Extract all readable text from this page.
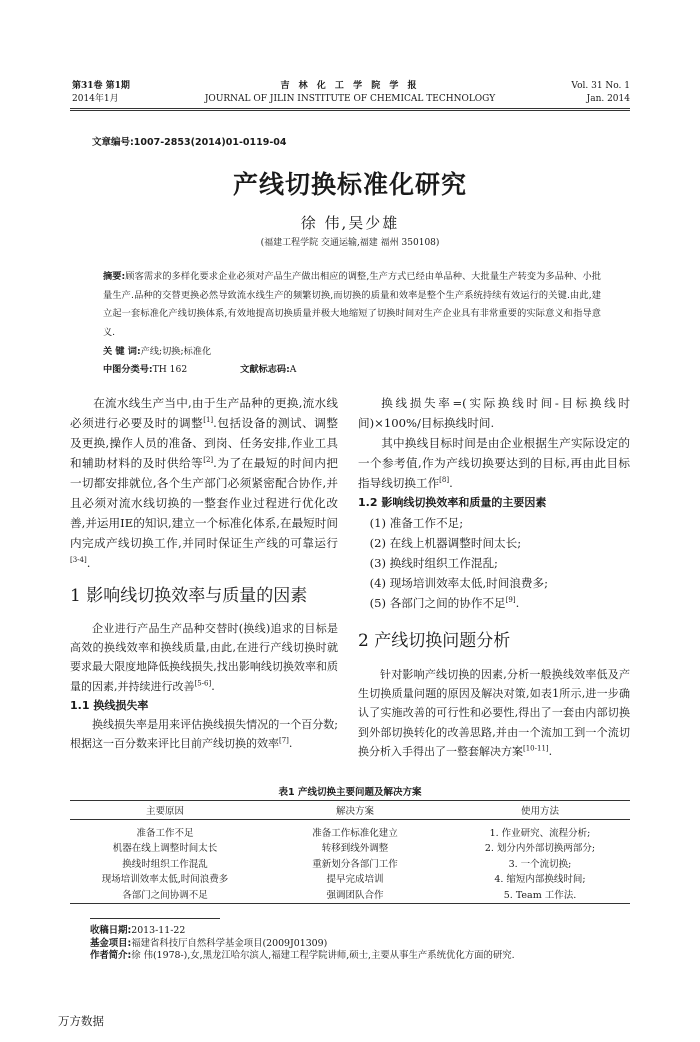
第31卷 第1期
2014年1月
吉 林 化 工 学 院 学 报
JOURNAL OF JILIN INSTITUTE OF CHEMICAL TECHNOLOGY
Vol. 31 No. 1
Jan. 2014
文章编号:1007-2853(2014)01-0119-04
产线切换标准化研究
徐 伟,吴少雄
(福建工程学院 交通运输,福建 福州 350108)
摘要:顾客需求的多样化要求企业必须对产品生产做出相应的调整,生产方式已经由单品种、大批量生产转变为多品种、小批量生产.品种的交替更换必然导致流水线生产的频繁切换,而切换的质量和效率是整个生产系统持续有效运行的关键.由此,建立起一套标准化产线切换体系,有效地提高切换质量并极大地缩短了切换时间对生产企业具有非常重要的实际意义和指导意义.
关 键 词:产线;切换;标准化
中图分类号:TH 162	文献标志码:A

在流水线生产当中,由于生产品种的更换,流水线必须进行必要及时的调整[1].包括设备的测试、调整及更换,操作人员的准备、到岗、任务安排,作业工具和辅助材料的及时供给等[2].为了在最短的时间内把一切都安排就位,各个生产部门必须紧密配合协作,并且必须对流水线切换的一整套作业过程进行优化改善,并运用IE的知识,建立一个标准化体系,在最短时间内完成产线切换工作,并同时保证生产线的可靠运行[3-4].

1 影响线切换效率与质量的因素

企业进行产品生产品种交替时(换线)追求的目标是高效的换线效率和换线质量,由此,在进行产线切换时就要求最大限度地降低换线损失,找出影响线切换效率和质量的因素,并持续进行改善[5-6].

1.1 换线损失率

换线损失率是用来评估换线损失情况的一个百分数;根据这一百分数来评比目前产线切换的效率[7].

换线损失率=(实际换线时间-目标换线时间)×100%/目标换线时间.

其中换线目标时间是由企业根据生产实际设定的一个参考值,作为产线切换要达到的目标,再由此目标指导线切换工作[8].

1.2 影响线切换效率和质量的主要因素

(1) 准备工作不足;

(2) 在线上机器调整时间太长;

(3) 换线时组织工作混乱;

(4) 现场培训效率太低,时间浪费多;

(5) 各部门之间的协作不足[9].

2 产线切换问题分析

针对影响产线切换的因素,分析一般换线效率低及产生切换质量问题的原因及解决对策,如表1所示,进一步确认了实施改善的可行性和必要性,得出了一套由内部切换到外部切换转化的改善思路,并由一个流加工到一个流切换分析入手得出了一整套解决方案[10-11].

表1 产线切换主要问题及解决方案
主要原因	解决方案	使用方法
准备工作不足	准备工作标准化建立	1. 作业研究、流程分析;
机器在线上调整时间太长	转移到线外调整	2. 划分内外部切换两部分;
换线时组织工作混乱	重新划分各部门工作	3. 一个流切换;
现场培训效率太低,时间浪费多	提早完成培训	4. 缩短内部换线时间;
各部门之间协调不足	强调团队合作	5. Team 工作法.
收稿日期:2013-11-22
基金项目:福建省科技厅自然科学基金项目(2009J01309)
作者简介:徐 伟(1978-),女,黑龙江哈尔滨人,福建工程学院讲师,硕士,主要从事生产系统优化方面的研究.
万方数据
